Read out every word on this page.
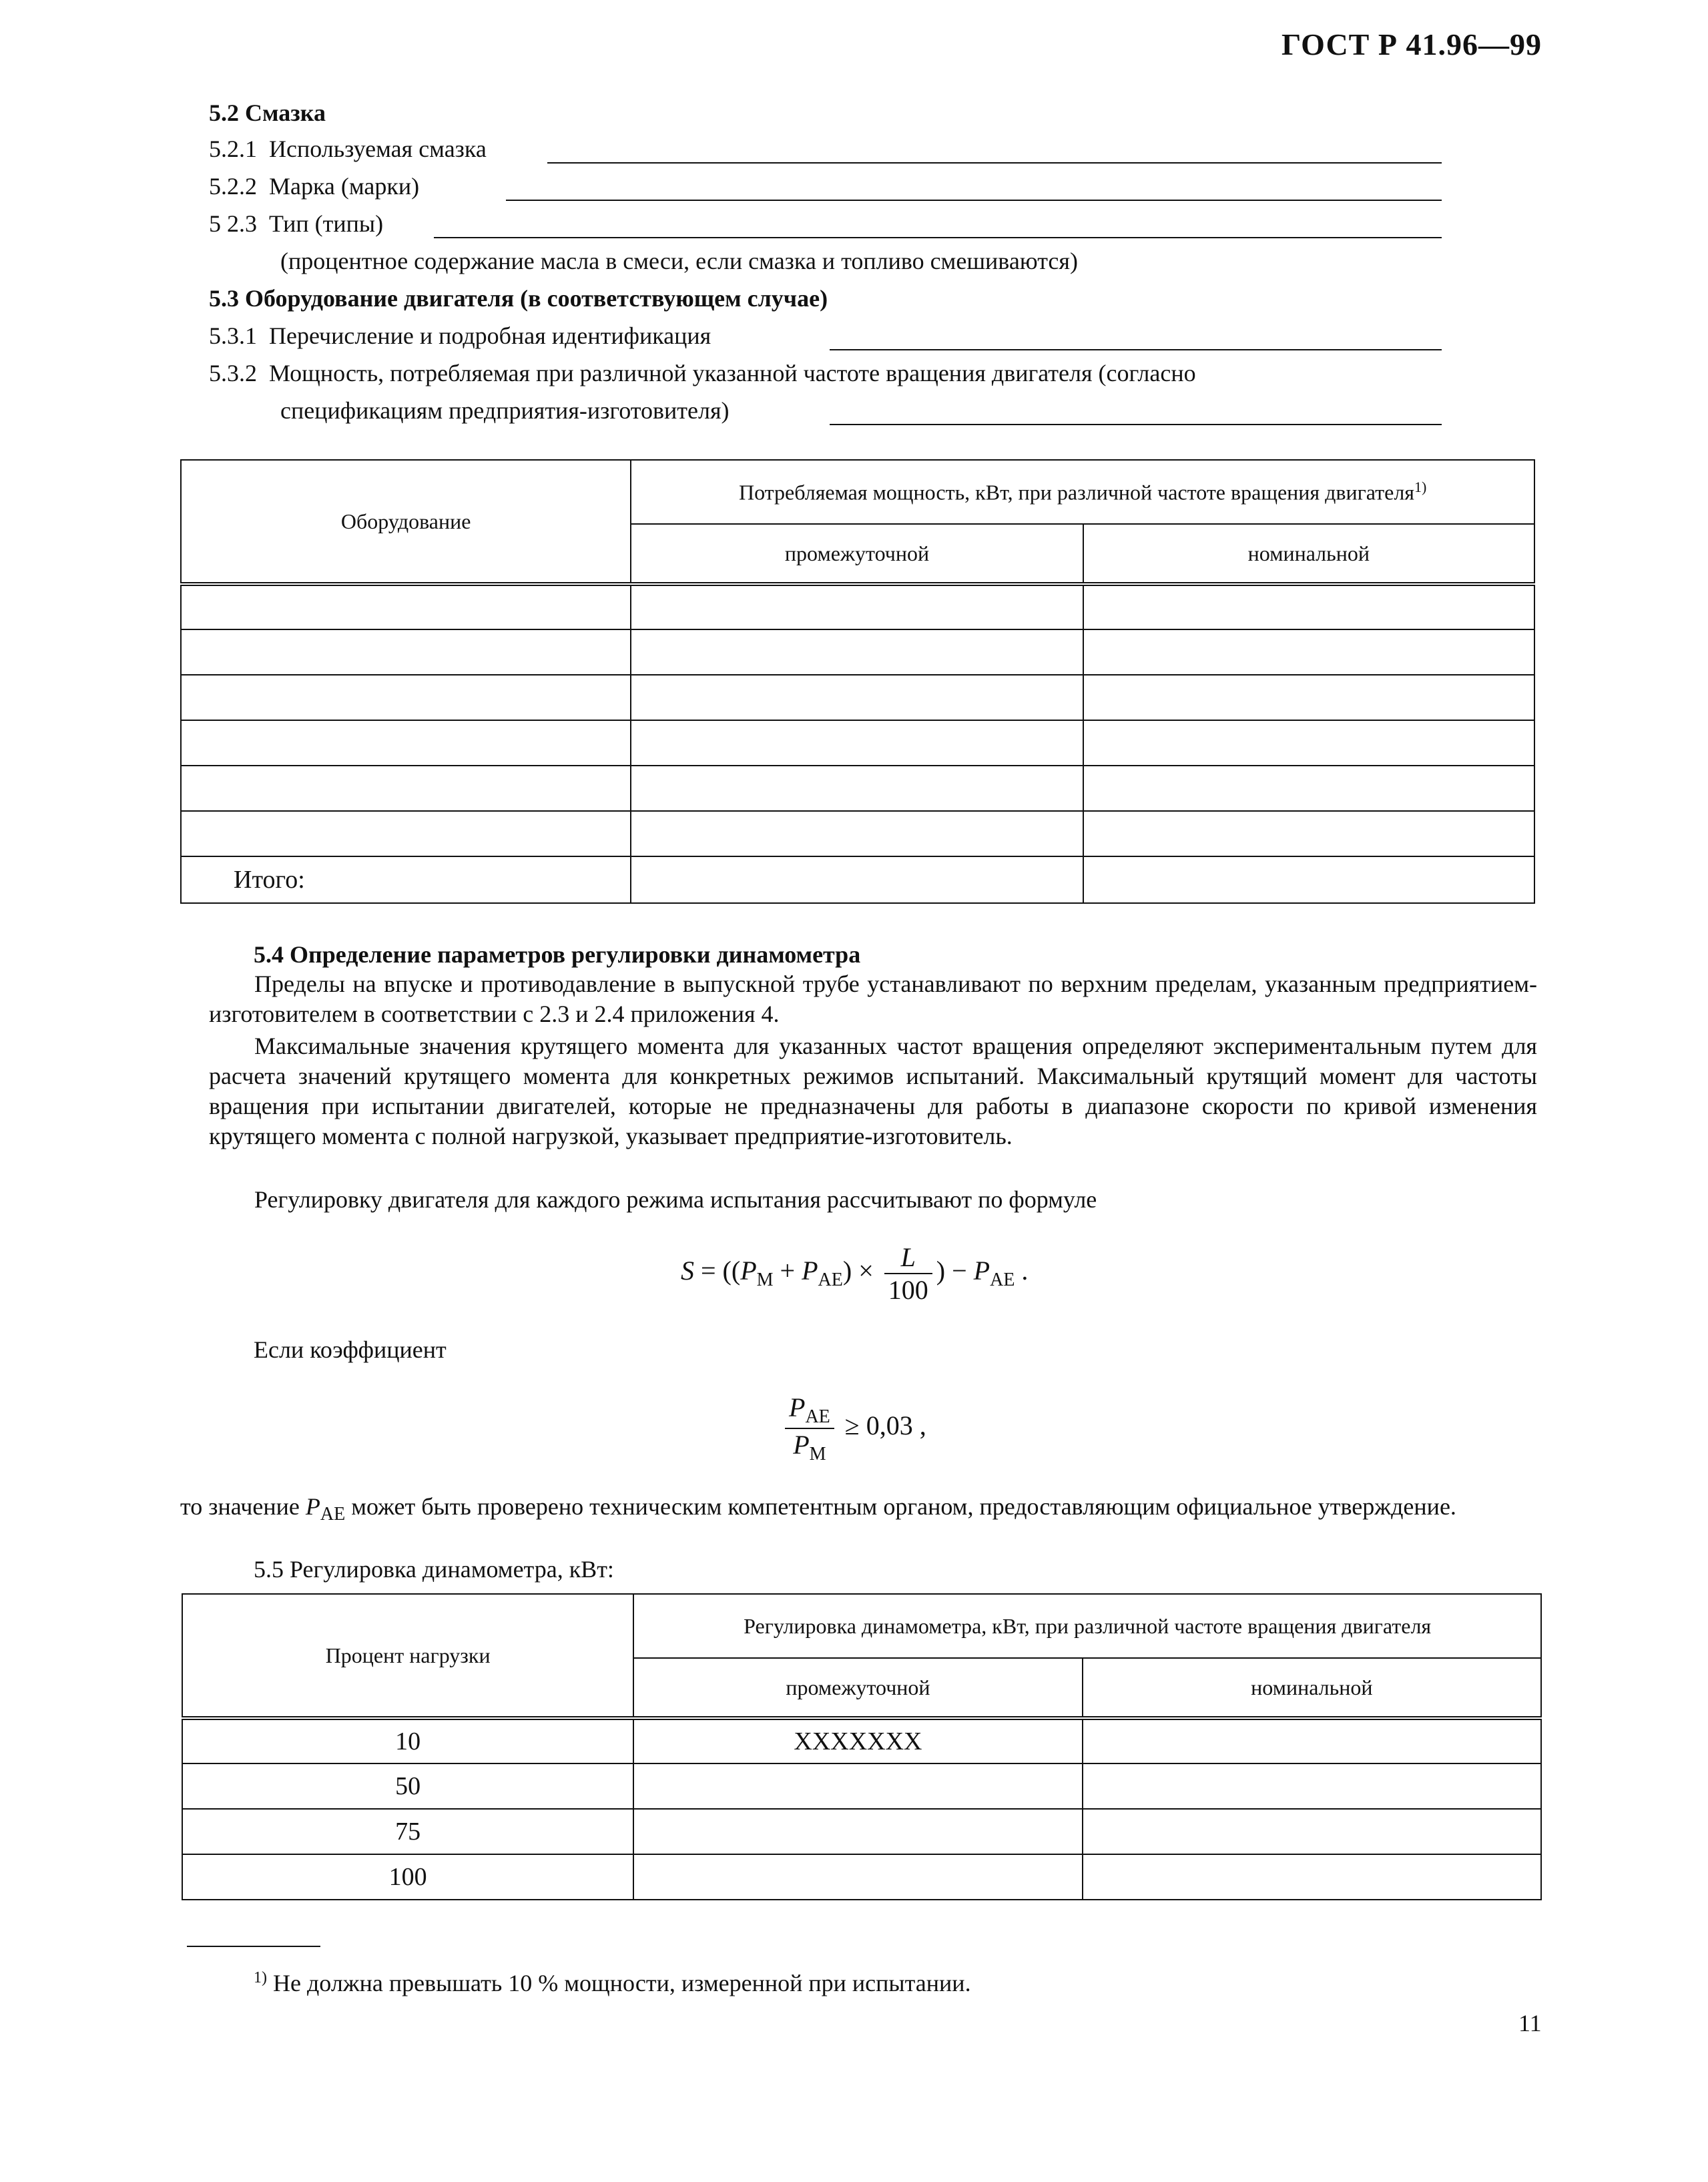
ГОСТ Р 41.96—99
5.2 Смазка
5.2.1 Используемая смазка
5.2.2 Марка (марки)
5 2.3 Тип (типы)
(процентное содержание масла в смеси, если смазка и топливо смешиваются)
5.3 Оборудование двигателя (в соответствующем случае)
5.3.1 Перечисление и подробная идентификация
5.3.2 Мощность, потребляемая при различной указанной частоте вращения двигателя (согласно
спецификациям предприятия-изготовителя)
Оборудование	Потребляемая мощность, кВт, при различной частоте вращения двигателя$^{1)}$
	промежуточной	номинальной

Итого:		
5.4 Определение параметров регулировки динамометра
Пределы на впуске и противодавление в выпускной трубе устанавливают по верхним пределам, указанным предприятием-изготовителем в соответствии с 2.3 и 2.4 приложения 4.
Максимальные значения крутящего момента для указанных частот вращения определяют экспериментальным путем для расчета значений крутящего момента для конкретных режимов испытаний. Максимальный крутящий момент для частоты вращения при испытании двигателей, которые не предназначены для работы в диапазоне скорости по кривой изменения крутящего момента с полной нагрузкой, указывает предприятие-изготовитель.
Регулировку двигателя для каждого режима испытания рассчитывают по формуле
$S = ((P_M + P_{AE}) \times \frac{L}{100}$ ) − $P_{AE}$ .
Если коэффициент
$\frac{P_{AE}}{P_M} \ge 0,03$ ,
то значение $P_{AE}$ может быть проверено техническим компетентным органом, предоставляющим официальное утверждение.
5.5 Регулировка динамометра, кВт:
Процент нагрузки	Регулировка динамометра, кВт, при различной частоте вращения двигателя	
	промежуточной	номинальной
10	XXXXXXX	
50		
75		
100		
$^{1)}$ Не должна превышать 10 % мощности, измеренной при испытании.
11
